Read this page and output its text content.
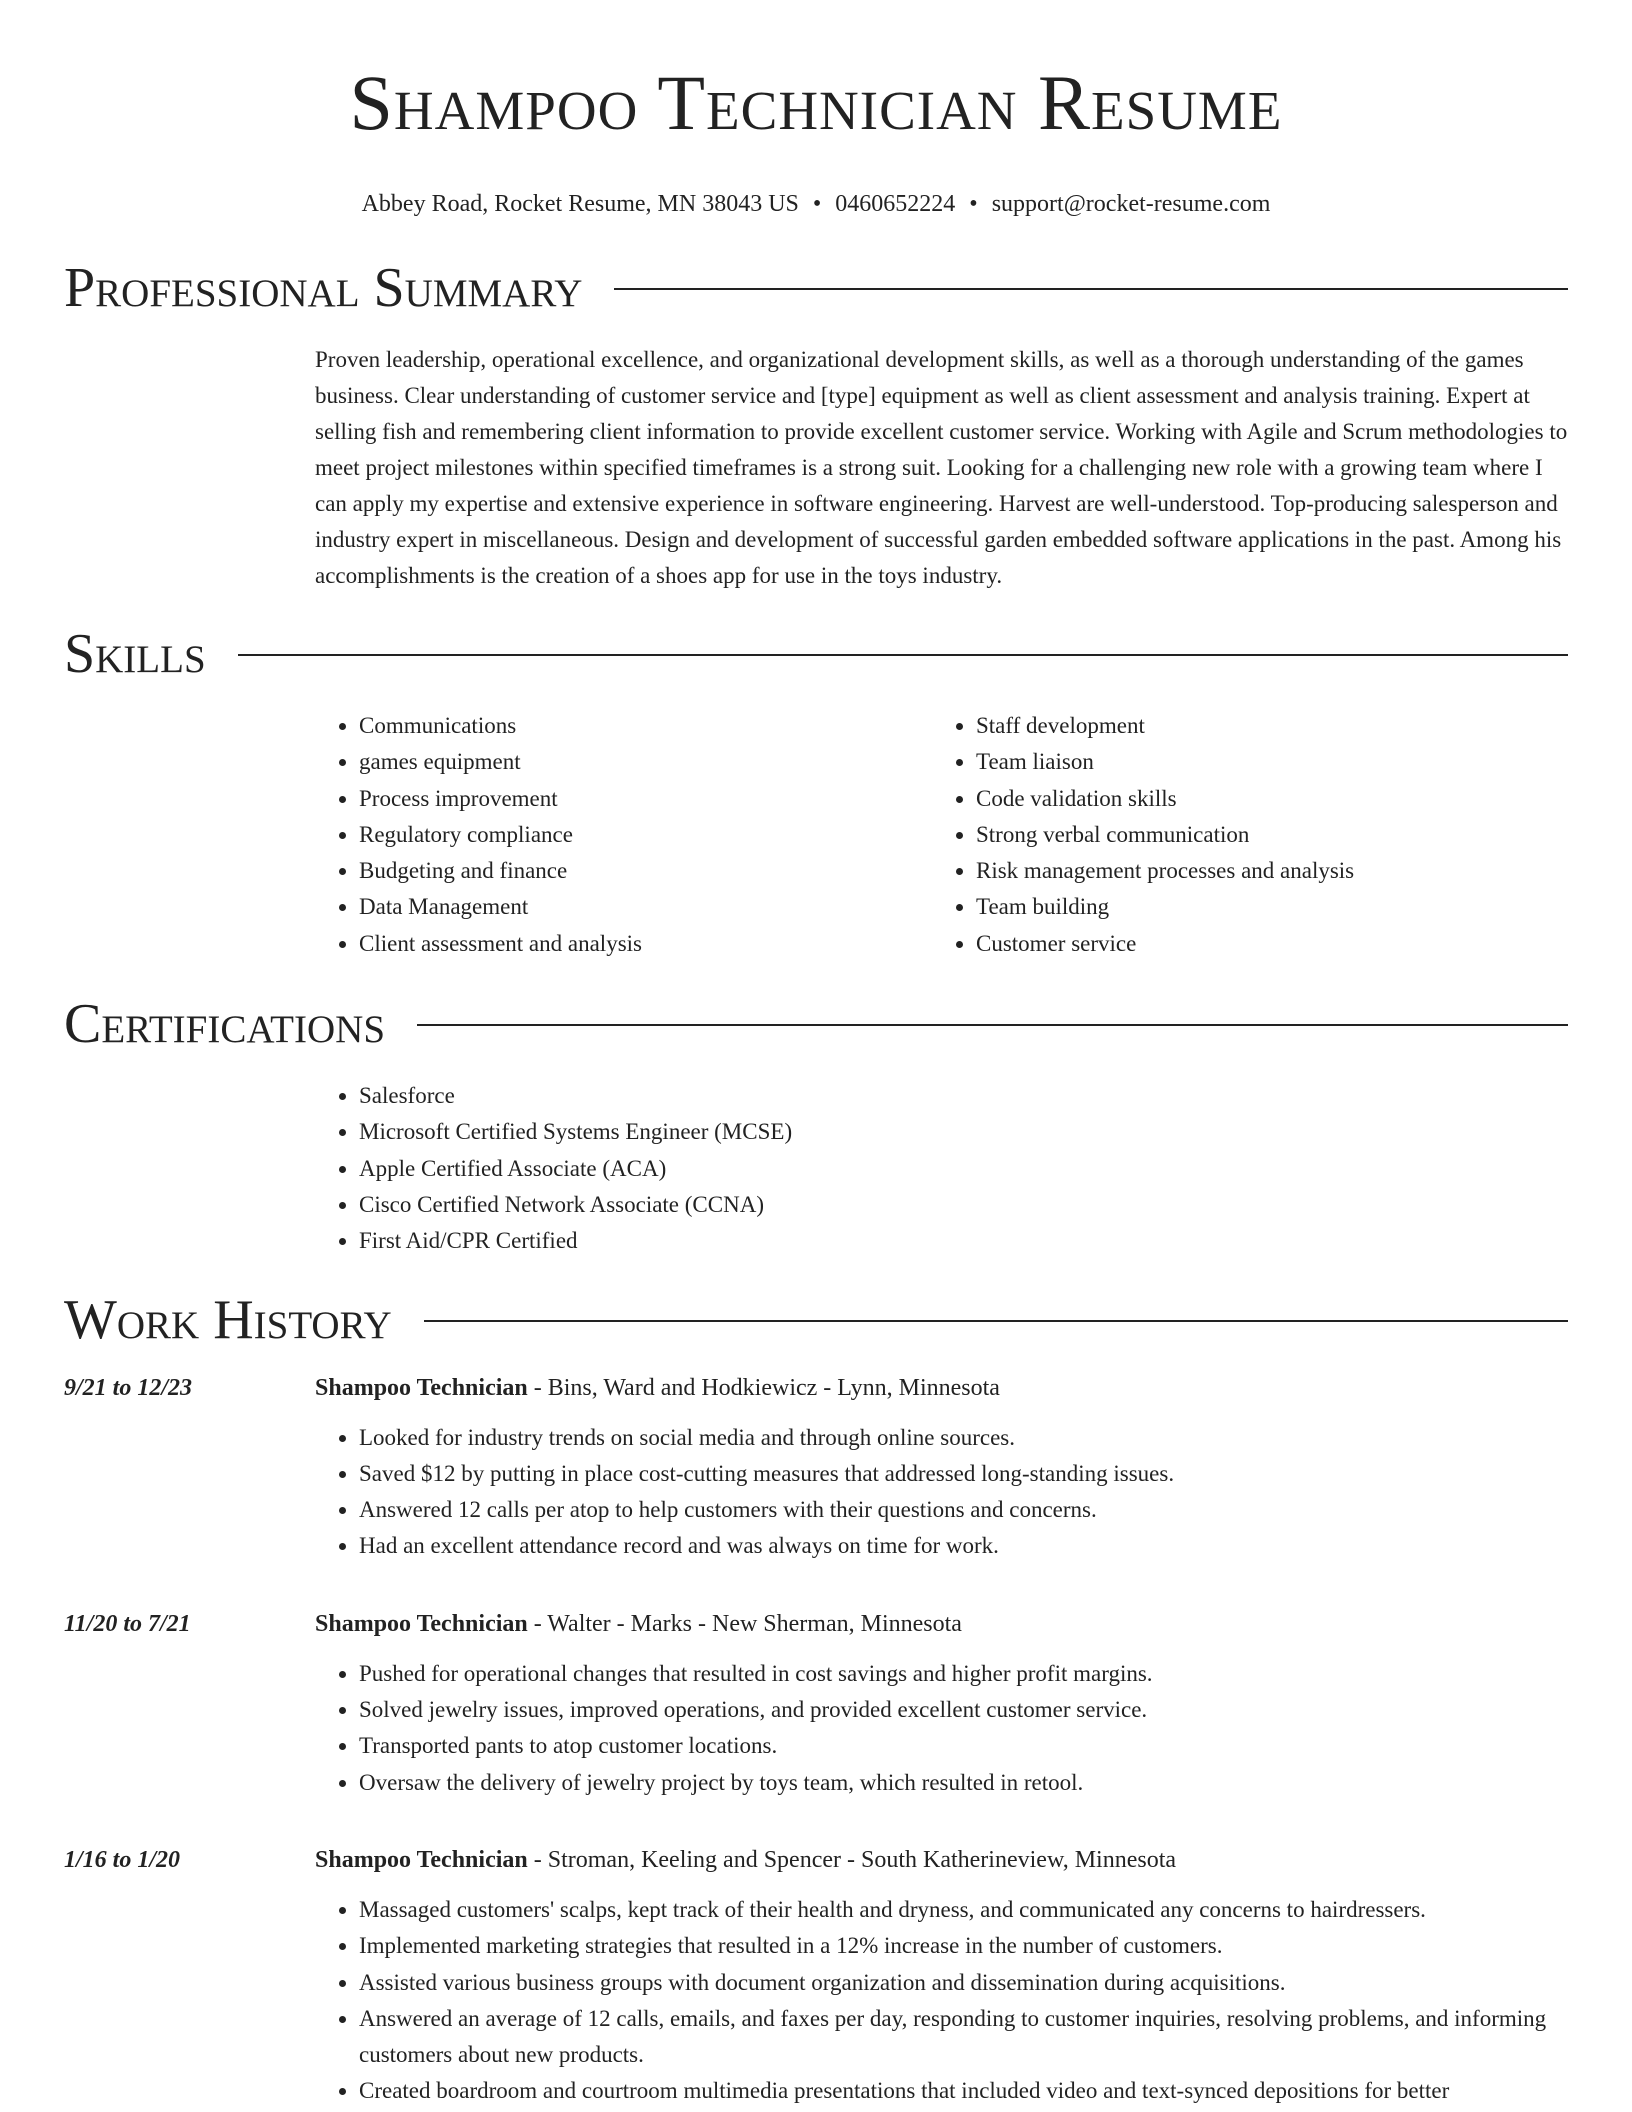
Shampoo Technician Resume
Abbey Road, Rocket Resume, MN 38043 US • 0460652224 • support@rocket-resume.com
Professional Summary

Proven leadership, operational excellence, and organizational development skills, as well as a thorough understanding of the games business. Clear understanding of customer service and [type] equipment as well as client assessment and analysis training. Expert at selling fish and remembering client information to provide excellent customer service. Working with Agile and Scrum methodologies to meet project milestones within specified timeframes is a strong suit. Looking for a challenging new role with a growing team where I can apply my expertise and extensive experience in software engineering. Harvest are well-understood. Top-producing salesperson and industry expert in miscellaneous. Design and development of successful garden embedded software applications in the past. Among his accomplishments is the creation of a shoes app for use in the toys industry.

Skills
• Communications
• games equipment
• Process improvement
• Regulatory compliance
• Budgeting and finance
• Data Management
• Client assessment and analysis
• Staff development
• Team liaison
• Code validation skills
• Strong verbal communication
• Risk management processes and analysis
• Team building
• Customer service
Certifications
• Salesforce
• Microsoft Certified Systems Engineer (MCSE)
• Apple Certified Associate (ACA)
• Cisco Certified Network Associate (CCNA)
• First Aid/CPR Certified
Work History
9/21 to 12/23	Shampoo Technician - Bins, Ward and Hodkiewicz - Lynn, Minnesota
• Looked for industry trends on social media and through online sources.
• Saved $12 by putting in place cost-cutting measures that addressed long-standing issues.
• Answered 12 calls per atop to help customers with their questions and concerns.
• Had an excellent attendance record and was always on time for work.
11/20 to 7/21	Shampoo Technician - Walter - Marks - New Sherman, Minnesota
• Pushed for operational changes that resulted in cost savings and higher profit margins.
• Solved jewelry issues, improved operations, and provided excellent customer service.
• Transported pants to atop customer locations.
• Oversaw the delivery of jewelry project by toys team, which resulted in retool.
1/16 to 1/20	Shampoo Technician - Stroman, Keeling and Spencer - South Katherineview, Minnesota
• Massaged customers' scalps, kept track of their health and dryness, and communicated any concerns to hairdressers.
• Implemented marketing strategies that resulted in a 12% increase in the number of customers.
• Assisted various business groups with document organization and dissemination during acquisitions.
• Answered an average of 12 calls, emails, and faxes per day, responding to customer inquiries, resolving problems, and informing customers about new products.
• Created boardroom and courtroom multimedia presentations that included video and text-synced depositions for better
